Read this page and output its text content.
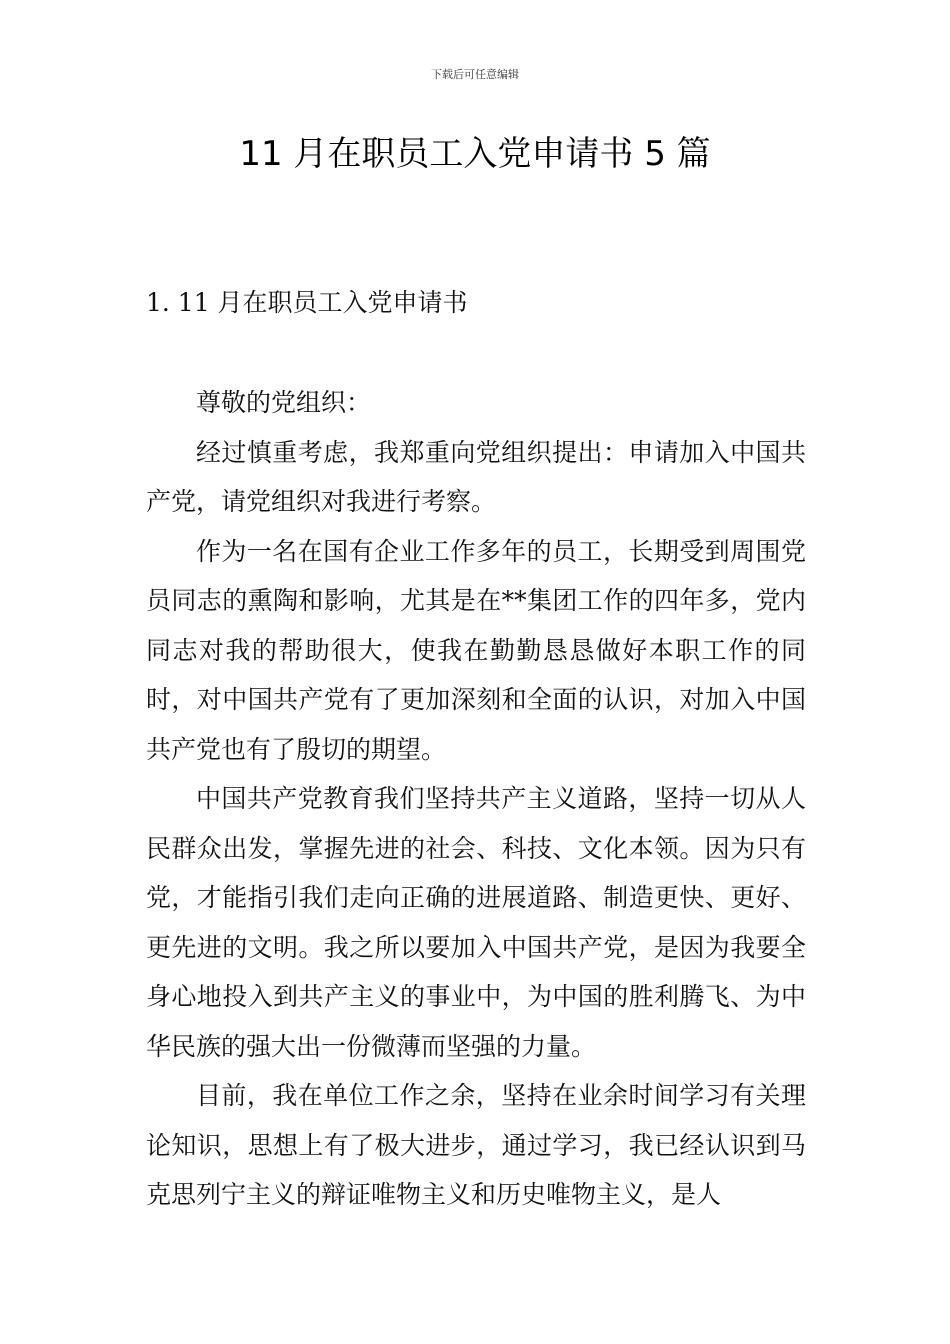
下载后可任意编辑
11 月在职员工入党申请书 5 篇
1. 11 月在职员工入党申请书

尊敬的党组织：

经过慎重考虑，我郑重向党组织提出：申请加入中国共产党，请党组织对我进行考察。

作为一名在国有企业工作多年的员工，长期受到周围党员同志的熏陶和影响，尤其是在**集团工作的四年多，党内同志对我的帮助很大，使我在勤勤恳恳做好本职工作的同时，对中国共产党有了更加深刻和全面的认识，对加入中国共产党也有了殷切的期望。

中国共产党教育我们坚持共产主义道路，坚持一切从人民群众出发，掌握先进的社会、科技、文化本领。因为只有党，才能指引我们走向正确的进展道路、制造更快、更好、更先进的文明。我之所以要加入中国共产党，是因为我要全身心地投入到共产主义的事业中，为中国的胜利腾飞、为中华民族的强大出一份微薄而坚强的力量。

目前，我在单位工作之余，坚持在业余时间学习有关理论知识，思想上有了极大进步，通过学习，我已经认识到马克思列宁主义的辩证唯物主义和历史唯物主义，是人
